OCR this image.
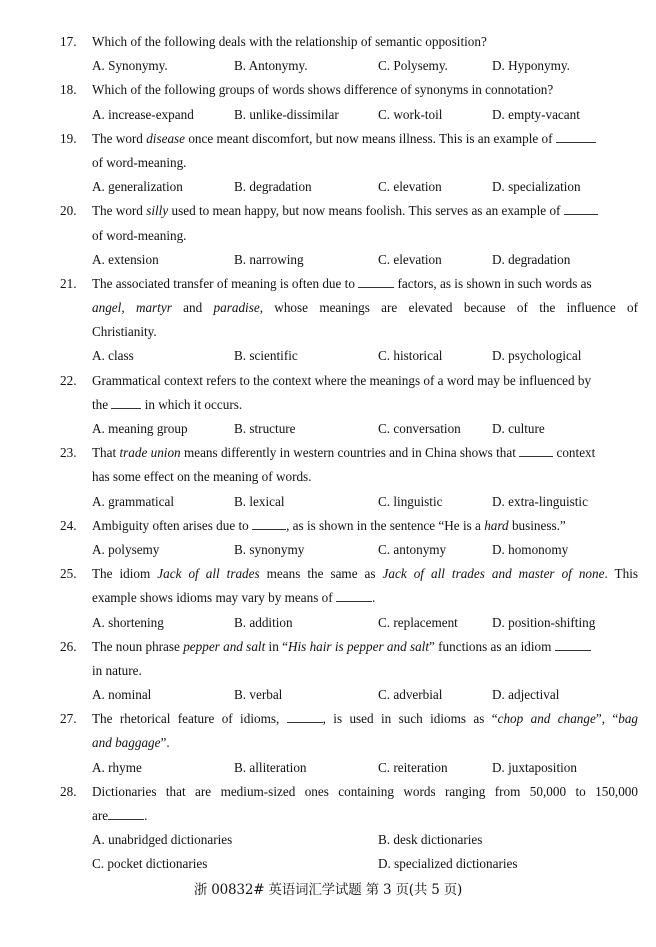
17. Which of the following deals with the relationship of semantic opposition?
A. Synonymy.	B. Antonymy.	C. Polysemy.	D. Hyponymy.
18. Which of the following groups of words shows difference of synonyms in connotation?
A. increase-expand	B. unlike-dissimilar	C. work-toil	D. empty-vacant
19. The word disease once meant discomfort, but now means illness. This is an example of
of word-meaning.
A. generalization	B. degradation	C. elevation	D. specialization
20. The word silly used to mean happy, but now means foolish. This serves as an example of
of word-meaning.
A. extension	B. narrowing	C. elevation	D. degradation
21. The associated transfer of meaning is often due to	factors, as is shown in such words as
angel, martyr and paradise, whose meanings are elevated because of the influence of
Christianity.
A. class	B. scientific	C. historical	D. psychological
22. Grammatical context refers to the context where the meanings of a word may be influenced by
the  in which it occurs.
A. meaning group	B. structure	C. conversation D. culture
23. That trade union means differently in western countries and in China shows that	context
has some effect on the meaning of words.
A. grammatical	B. lexical	C. linguistic	D. extra-linguistic
24. Ambiguity often arises due to	, as is shown in the sentence “He is a hard business.”
A. polysemy	B. synonymy	C. antonymy	D. homonomy
25. The idiom Jack of all trades means the same as Jack of all trades and master of none. This
example shows idioms may vary by means of	.
A. shortening	B. addition	C. replacement	D. position-shifting
26. The noun phrase pepper and salt in “His hair is pepper and salt” functions as an idiom
in nature.
A. nominal	B. verbal	C. adverbial	D. adjectival
27. The rhetorical feature of idioms,	, is used in such idioms as “chop and change”, “bag
and baggage”.
A. rhyme	B. alliteration	C. reiteration	D. juxtaposition
28. Dictionaries that are medium-sized ones containing words ranging from 50,000 to 150,000
are	.
A. unabridged dictionaries	B. desk dictionaries
C. pocket dictionaries	D. specialized dictionaries
浙 00832# 英语词汇学试题 第 3 页(共 5 页)
